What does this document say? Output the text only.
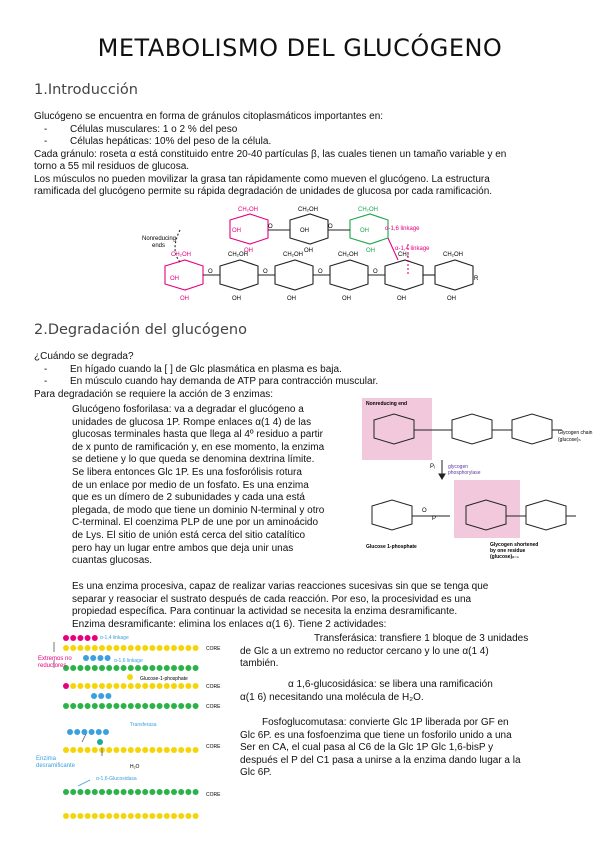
METABOLISMO DEL GLUCÓGENO
1.Introducción
Glucógeno se encuentra en forma de gránulos citoplasmáticos importantes en:
- Células musculares: 1 o 2 % del peso
- Células hepáticas: 10% del peso de la célula.
Cada gránulo: roseta α está constituido entre 20-40 partículas β, las cuales tienen un tamaño variable y en
torno a 55 mil residuos de glucosa.
Los músculos no pueden movilizar la grasa tan rápidamente como mueven el glucógeno. La estructura
ramificada del glucógeno permite su rápida degradación de unidades de glucosa por cada ramificación.
Nonreducing
ends
α-1,6 linkage
α-1,4 linkage
CH₂OH	CH₂OH	CH₂OH
CH₂OH	CH₂OH	CH₂OH	CH₂OH	CH₂	CH₂OH
OH
OH
OH
OH
OH
OH
OH
OH	OH	OH	OH	OH	OH
O	O
O	O	O	O
R
2.Degradación del glucógeno
¿Cuándo se degrada?
- En hígado cuando la [ ] de Glc plasmática en plasma es baja.
- En músculo cuando hay demanda de ATP para contracción muscular.
Para degradación se requiere la acción de 3 enzimas:
Glucógeno fosforilasa: va a degradar el glucógeno a
unidades de glucosa 1P. Rompe enlaces α(1 4) de las
glucosas terminales hasta que llega al 4º residuo a partir
de x punto de ramificación y, en ese momento, la enzima
se detiene y lo que queda se denomina dextrina límite.
Se libera entonces Glc 1P. Es una fosforólisis rotura
de un enlace por medio de un fosfato. Es una enzima
que es un dímero de 2 subunidades y cada una está
plegada, de modo que tiene un dominio N-terminal y otro
C-terminal. El coenzima PLP de une por un aminoácido
de Lys. El sitio de unión está cerca del sitio catalítico
pero hay un lugar entre ambos que deja unir unas
cuantas glucosas.
Nonreducing end
Glycogen chain
(glucose)ₙ
glycogen
phosphorylase
Pᵢ
O
P
Glucose 1-phosphate	Glycogen shortened
by one residue
(glucose)ₙ₋₁
Es una enzima procesiva, capaz de realizar varias reacciones sucesivas sin que se tenga que
separar y reasociar el sustrato después de cada reacción. Por eso, la procesividad es una
propiedad específica. Para continuar la actividad se necesita la enzima desramificante.
Enzima desramificante: elimina los enlaces α(1 6). Tiene 2 actividades:
Transferásica: transfiere 1 bloque de 3 unidades
de Glc a un extremo no reductor cercano y lo une α(1 4)
también.
α 1,6-glucosidásica: se libera una ramificación
α(1 6) necesitando una molécula de H₂O.
Fosfoglucomutasa: convierte Glc 1P liberada por GF en
Glc 6P. es una fosfoenzima que tiene un fosforilo unido a una
Ser en CA, el cual pasa al C6 de la Glc 1P Glc 1,6-bisP y
después el P del C1 pasa a unirse a la enzima dando lugar a la
Glc 6P.
Extremos no
reductores
Enzima
desramificante
α-1,4 linkage
α-1,6 linkage
Glucose-1-phosphate
Transferasa
α-1,6-Glucosidasa
H₂O
CORE
CORE
CORE
CORE
CORE
